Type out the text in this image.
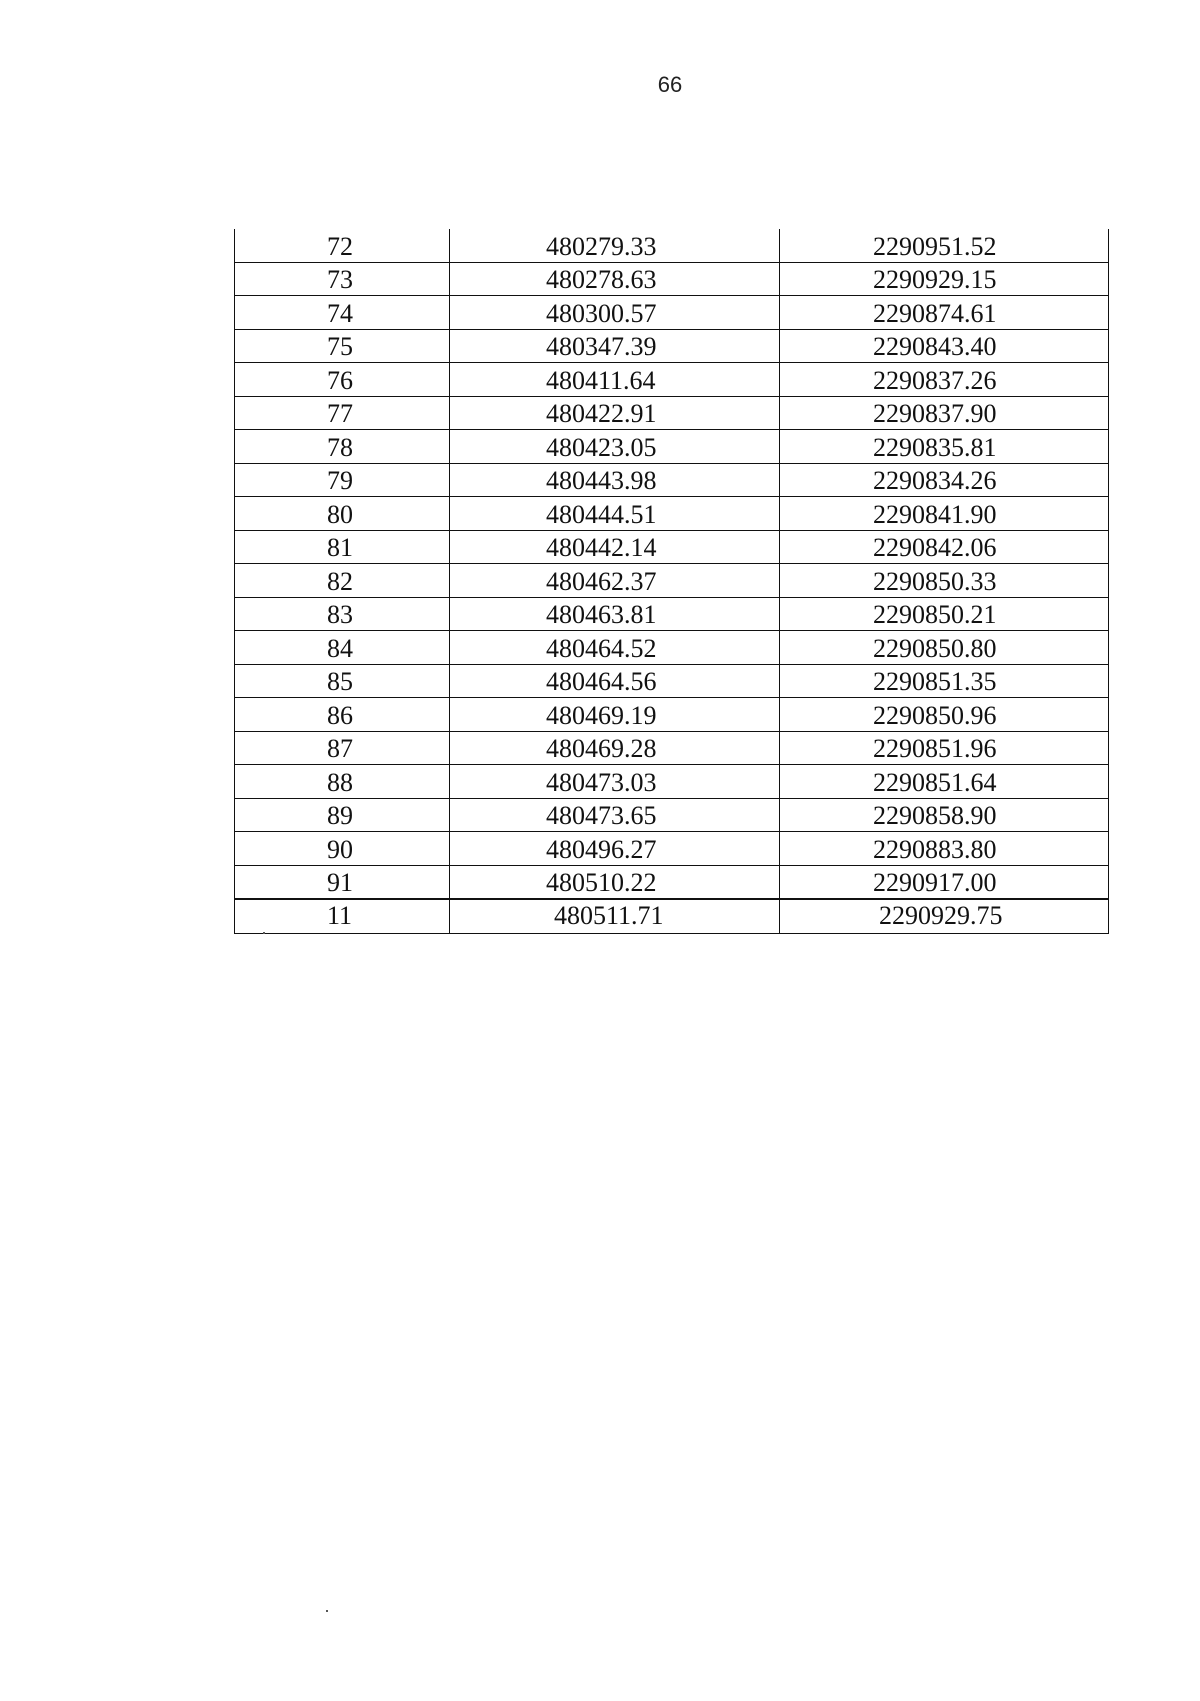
66
72	480279.33	2290951.52
73	480278.63	2290929.15
74	480300.57	2290874.61
75	480347.39	2290843.40
76	480411.64	2290837.26
77	480422.91	2290837.90
78	480423.05	2290835.81
79	480443.98	2290834.26
80	480444.51	2290841.90
81	480442.14	2290842.06
82	480462.37	2290850.33
83	480463.81	2290850.21
84	480464.52	2290850.80
85	480464.56	2290851.35
86	480469.19	2290850.96
87	480469.28	2290851.96
88	480473.03	2290851.64
89	480473.65	2290858.90
90	480496.27	2290883.80
91	480510.22	2290917.00
11	480511.71	2290929.75
